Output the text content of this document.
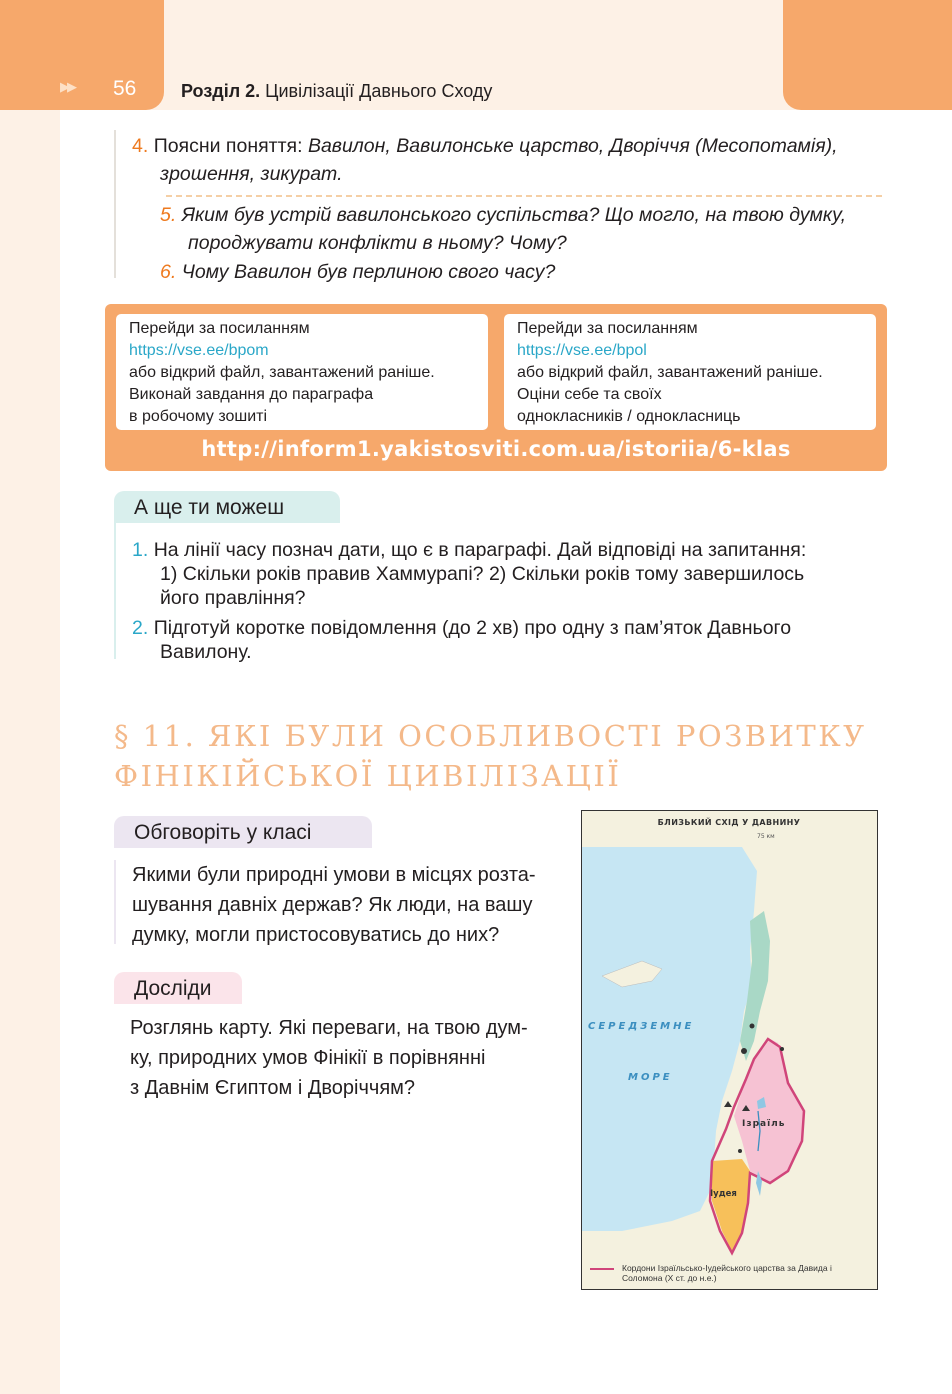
▶▶ 56 Розділ 2. Цивілізації Давнього Сходу
4. Поясни поняття: Вавилон, Вавилонське царство, Дворіччя (Месопотамія),
зрошення, зикурат.
5. Яким був устрій вавилонського суспільства? Що могло, на твою думку,
породжувати конфлікти в ньому? Чому?
6. Чому Вавилон був перлиною свого часу?
Перейди за посиланням
https://vse.ee/bpom
або відкрий файл, завантажений раніше.
Виконай завдання до параграфа
в робочому зошиті
Перейди за посиланням
https://vse.ee/bpol
або відкрий файл, завантажений раніше.
Оціни себе та своїх
однокласників / однокласниць
http://inform1.yakistosviti.com.ua/istoriia/6-klas
А ще ти можеш
1. На лінії часу познач дати, що є в параграфі. Дай відповіді на запитання:
1) Скільки років правив Хаммурапі? 2) Скільки років тому завершилось
його правління?
2. Підготуй коротке повідомлення (до 2 хв) про одну з пам’яток Давнього
Вавилону.
§ 11. ЯКІ БУЛИ ОСОБЛИВОСТІ РОЗВИТКУ
ФІНІКІЙСЬКОЇ ЦИВІЛІЗАЦІЇ
Обговоріть у класі
Якими були природні умови в місцях розта-
шування давніх держав? Як люди, на вашу
думку, могли пристосовуватись до них?
Досліди
Розглянь карту. Які переваги, на твою дум-
ку, природних умов Фінікії в порівнянні
з Давнім Єгиптом і Дворіччям?
БЛИЗЬКИЙ СХІД У ДАВНИНУ
75 км
СЕРЕДЗЕМНЕ
МОРЕ
Ізраїль
Іудея
Кордони Ізраїльсько-Іудейського царства за Давида і Соломона (Х ст. до н.е.)
